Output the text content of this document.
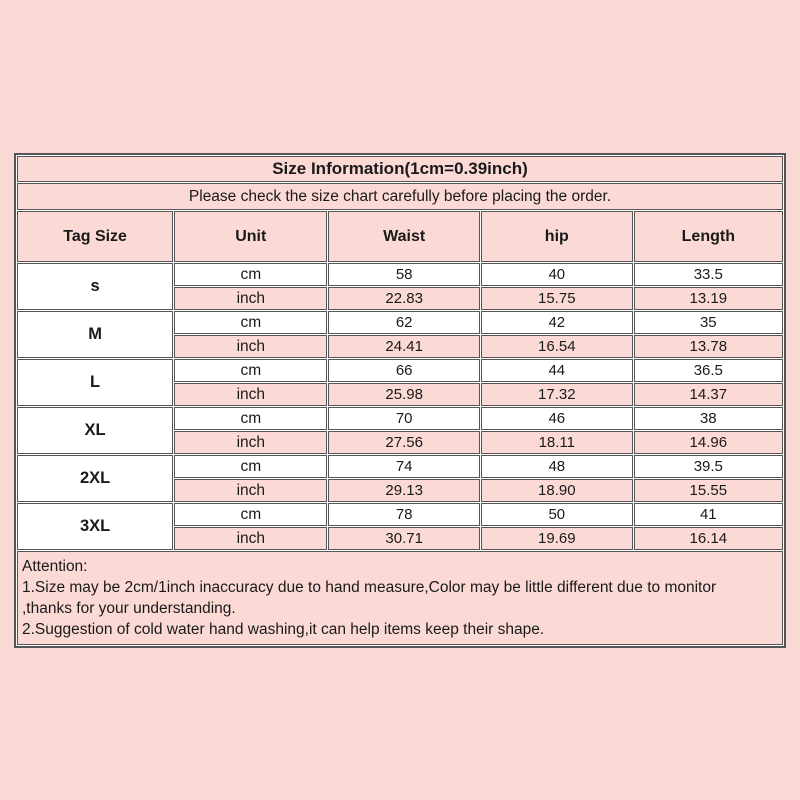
Size Information(1cm=0.39inch)				
Please check the size chart carefully before placing the order.				
Tag Size	Unit	Waist	hip	Length
s	cm	58	40	33.5
	inch	22.83	15.75	13.19
M	cm	62	42	35
	inch	24.41	16.54	13.78
L	cm	66	44	36.5
	inch	25.98	17.32	14.37
XL	cm	70	46	38
	inch	27.56	18.11	14.96
2XL	cm	74	48	39.5
	inch	29.13	18.90	15.55
3XL	cm	78	50	41
	inch	30.71	19.69	16.14

Attention:
1.Size may be 2cm/1inch inaccuracy due to hand measure,Color may be little different due to monitor
,thanks for your understanding.
2.Suggestion of cold water hand washing,it can help items keep their shape.				
